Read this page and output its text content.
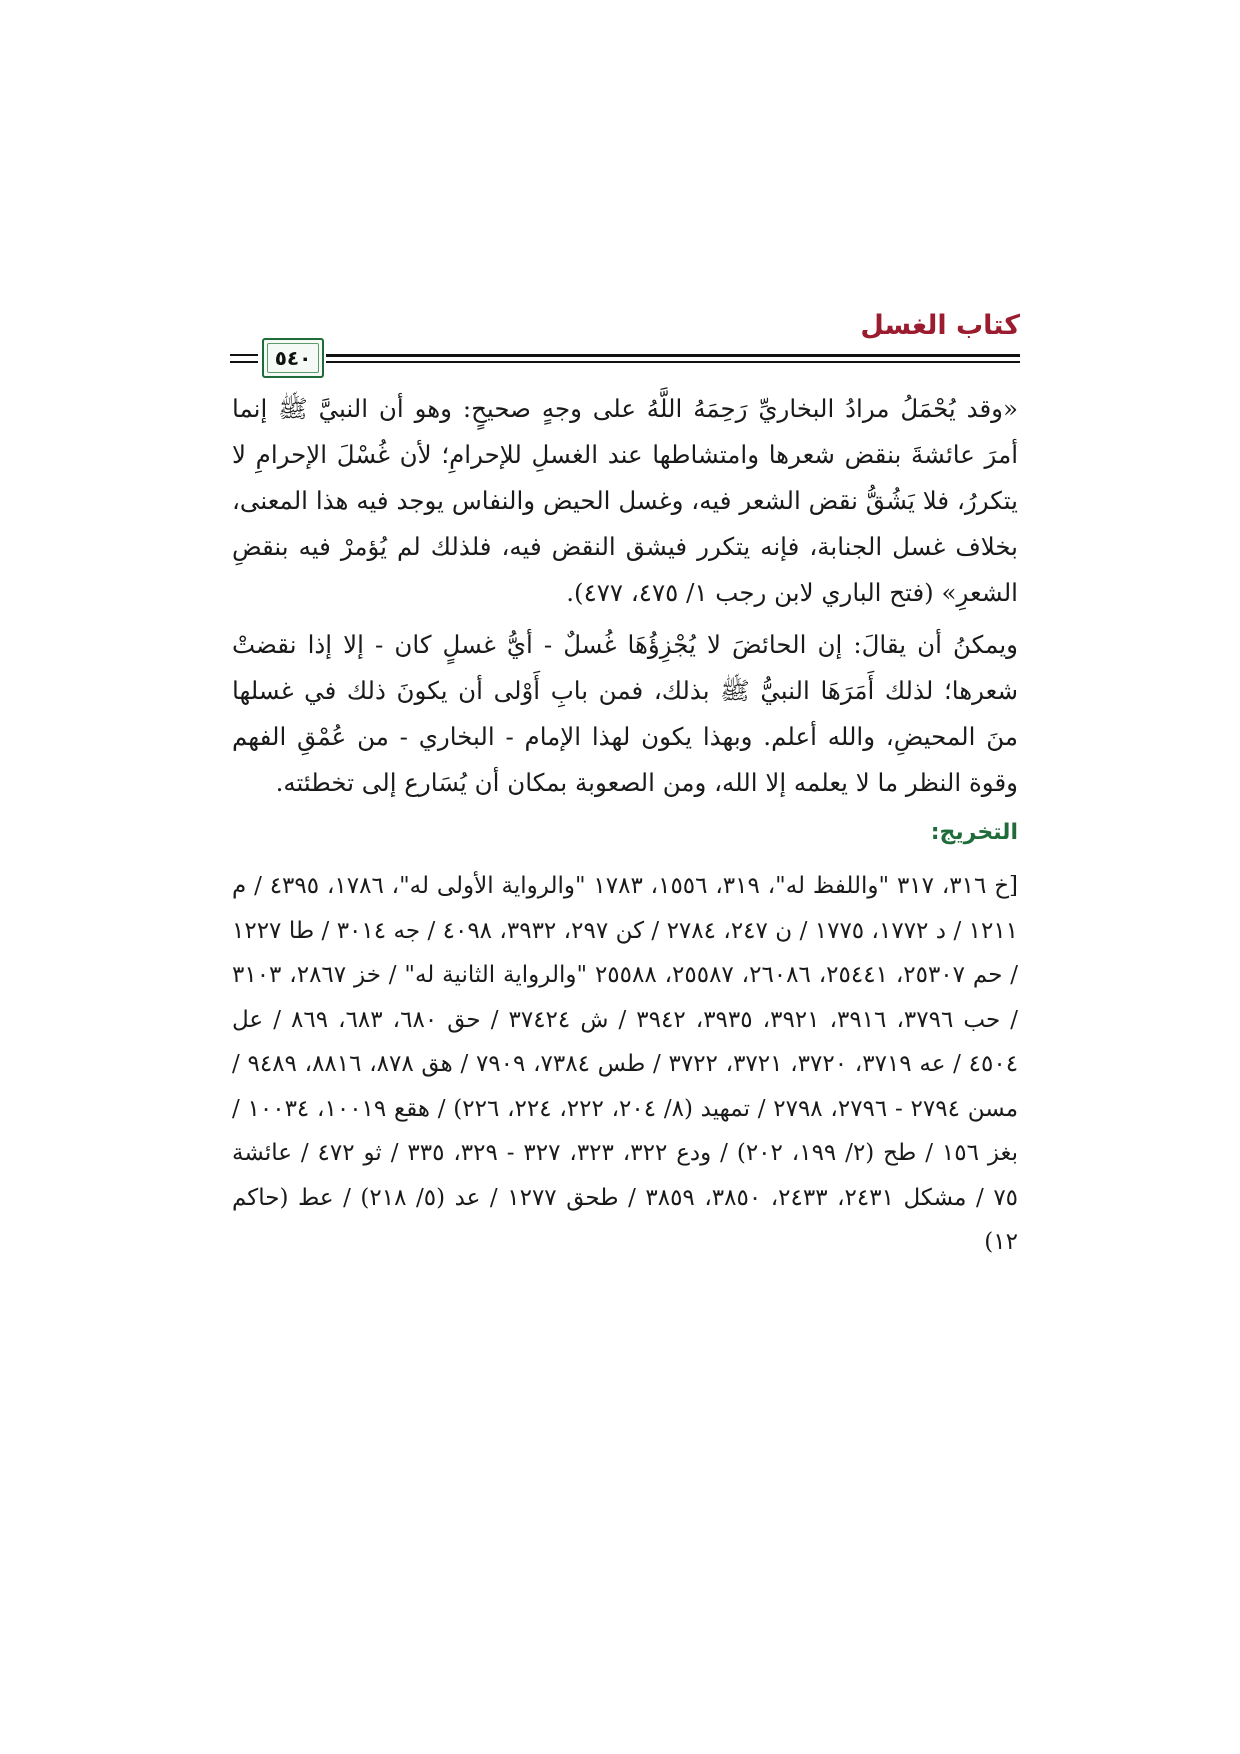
كتاب الغسل
٥٤٠

«وقد يُحْمَلُ مرادُ البخاريِّ رَحِمَهُ اللَّهُ على وجهٍ صحيحٍ: وهو أن النبيَّ ﷺ إنما أمرَ عائشةَ بنقض شعرها وامتشاطها عند الغسلِ للإحرامِ؛ لأن غُسْلَ الإحرامِ لا يتكررُ، فلا يَشُقُّ نقض الشعر فيه، وغسل الحيض والنفاس يوجد فيه هذا المعنى، بخلاف غسل الجنابة، فإنه يتكرر فيشق النقض فيه، فلذلك لم يُؤمرْ فيه بنقضِ الشعرِ» (فتح الباري لابن رجب ١/ ٤٧٥، ٤٧٧).

ويمكنُ أن يقالَ: إن الحائضَ لا يُجْزِؤُهَا غُسلٌ - أيُّ غسلٍ كان - إلا إذا نقضتْ شعرها؛ لذلك أَمَرَهَا النبيُّ ﷺ بذلك، فمن بابِ أَوْلى أن يكونَ ذلك في غسلها منَ المحيضِ، والله أعلم. وبهذا يكون لهذا الإمام - البخاري - من عُمْقِ الفهم وقوة النظر ما لا يعلمه إلا الله، ومن الصعوبة بمكان أن يُسَارع إلى تخطئته.

التخريج:

[خ ٣١٦، ٣١٧ "واللفظ له"، ٣١٩، ١٥٥٦، ١٧٨٣ "والرواية الأولى له"، ١٧٨٦، ٤٣٩٥ / م ١٢١١ / د ١٧٧٢، ١٧٧٥ / ن ٢٤٧، ٢٧٨٤ / كن ٢٩٧، ٣٩٣٢، ٤٠٩٨ / جه ٣٠١٤ / طا ١٢٢٧ / حم ٢٥٣٠٧، ٢٥٤٤١، ٢٦٠٨٦، ٢٥٥٨٧، ٢٥٥٨٨ "والرواية الثانية له" / خز ٢٨٦٧، ٣١٠٣ / حب ٣٧٩٦، ٣٩١٦، ٣٩٢١، ٣٩٣٥، ٣٩٤٢ / ش ٣٧٤٢٤ / حق ٦٨٠، ٦٨٣، ٨٦٩ / عل ٤٥٠٤ / عه ٣٧١٩، ٣٧٢٠، ٣٧٢١، ٣٧٢٢ / طس ٧٣٨٤، ٧٩٠٩ / هق ٨٧٨، ٨٨١٦، ٩٤٨٩ / مسن ٢٧٩٤ - ٢٧٩٦، ٢٧٩٨ / تمهيد (٨/ ٢٠٤، ٢٢٢، ٢٢٤، ٢٢٦) / هقع ١٠٠١٩، ١٠٠٣٤ / بغز ١٥٦ / طح (٢/ ١٩٩، ٢٠٢) / ودع ٣٢٢، ٣٢٣، ٣٢٧ - ٣٢٩، ٣٣٥ / ثو ٤٧٢ / عائشة ٧٥ / مشكل ٢٤٣١، ٢٤٣٣، ٣٨٥٠، ٣٨٥٩ / طحق ١٢٧٧ / عد (٥/ ٢١٨) / عط (حاكم ١٢)
